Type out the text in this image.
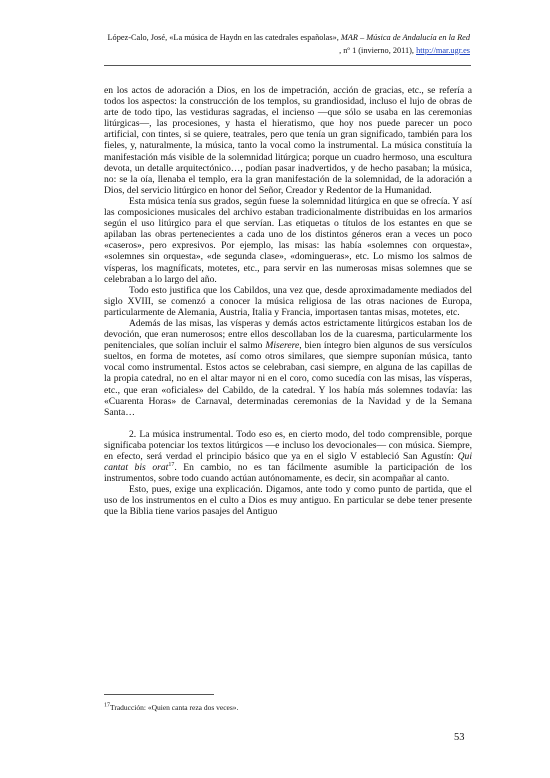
López-Calo, José, «La música de Haydn en las catedrales españolas», MAR – Música de Andalucía en la Red
, nº 1 (invierno, 2011), http://mar.ugr.es

en los actos de adoración a Dios, en los de impetración, acción de gracias, etc., se refería a todos los aspectos: la construcción de los templos, su grandiosidad, incluso el lujo de obras de arte de todo tipo, las vestiduras sagradas, el incienso —que sólo se usaba en las ceremonias litúrgicas—, las procesiones, y hasta el hieratismo, que hoy nos puede parecer un poco artificial, con tintes, si se quiere, teatrales, pero que tenía un gran significado, también para los fieles, y, naturalmente, la música, tanto la vocal como la instrumental. La música constituía la manifestación más visible de la solemnidad litúrgica; porque un cuadro hermoso, una escultura devota, un detalle arquitectónico…, podían pasar inadvertidos, y de hecho pasaban; la música, no: se la oía, llenaba el templo, era la gran manifestación de la solemnidad, de la adoración a Dios, del servicio litúrgico en honor del Señor, Creador y Redentor de la Humanidad.

Esta música tenía sus grados, según fuese la solemnidad litúrgica en que se ofrecía. Y así las composiciones musicales del archivo estaban tradicionalmente distribuidas en los armarios según el uso litúrgico para el que servían. Las etiquetas o títulos de los estantes en que se apilaban las obras pertenecientes a cada uno de los distintos géneros eran a veces un poco «caseros», pero expresivos. Por ejemplo, las misas: las había «solemnes con orquesta», «solemnes sin orquesta», «de segunda clase», «domingueras», etc. Lo mismo los salmos de vísperas, los magníficats, motetes, etc., para servir en las numerosas misas solemnes que se celebraban a lo largo del año.

Todo esto justifica que los Cabildos, una vez que, desde aproximadamente mediados del siglo XVIII, se comenzó a conocer la música religiosa de las otras naciones de Europa, particularmente de Alemania, Austria, Italia y Francia, importasen tantas misas, motetes, etc.

Además de las misas, las vísperas y demás actos estrictamente litúrgicos estaban los de devoción, que eran numerosos; entre ellos descollaban los de la cuaresma, particularmente los penitenciales, que solían incluir el salmo Miserere, bien íntegro bien algunos de sus versículos sueltos, en forma de motetes, así como otros similares, que siempre suponían música, tanto vocal como instrumental. Estos actos se celebraban, casi siempre, en alguna de las capillas de la propia catedral, no en el altar mayor ni en el coro, como sucedía con las misas, las vísperas, etc., que eran «oficiales» del Cabildo, de la catedral. Y los había más solemnes todavía: las «Cuarenta Horas» de Carnaval, determinadas ceremonias de la Navidad y de la Semana Santa…

2. La música instrumental. Todo eso es, en cierto modo, del todo comprensible, porque significaba potenciar los textos litúrgicos —e incluso los devocionales— con música. Siempre, en efecto, será verdad el principio básico que ya en el siglo V estableció San Agustín: Qui cantat bis orat$^{17}$. En cambio, no es tan fácilmente asumible la participación de los instrumentos, sobre todo cuando actúan autónomamente, es decir, sin acompañar al canto.

Esto, pues, exige una explicación. Digamos, ante todo y como punto de partida, que el uso de los instrumentos en el culto a Dios es muy antiguo. En particular se debe tener presente que la Biblia tiene varios pasajes del Antiguo

$^{17}$Traducción: «Quien canta reza dos veces».
53
